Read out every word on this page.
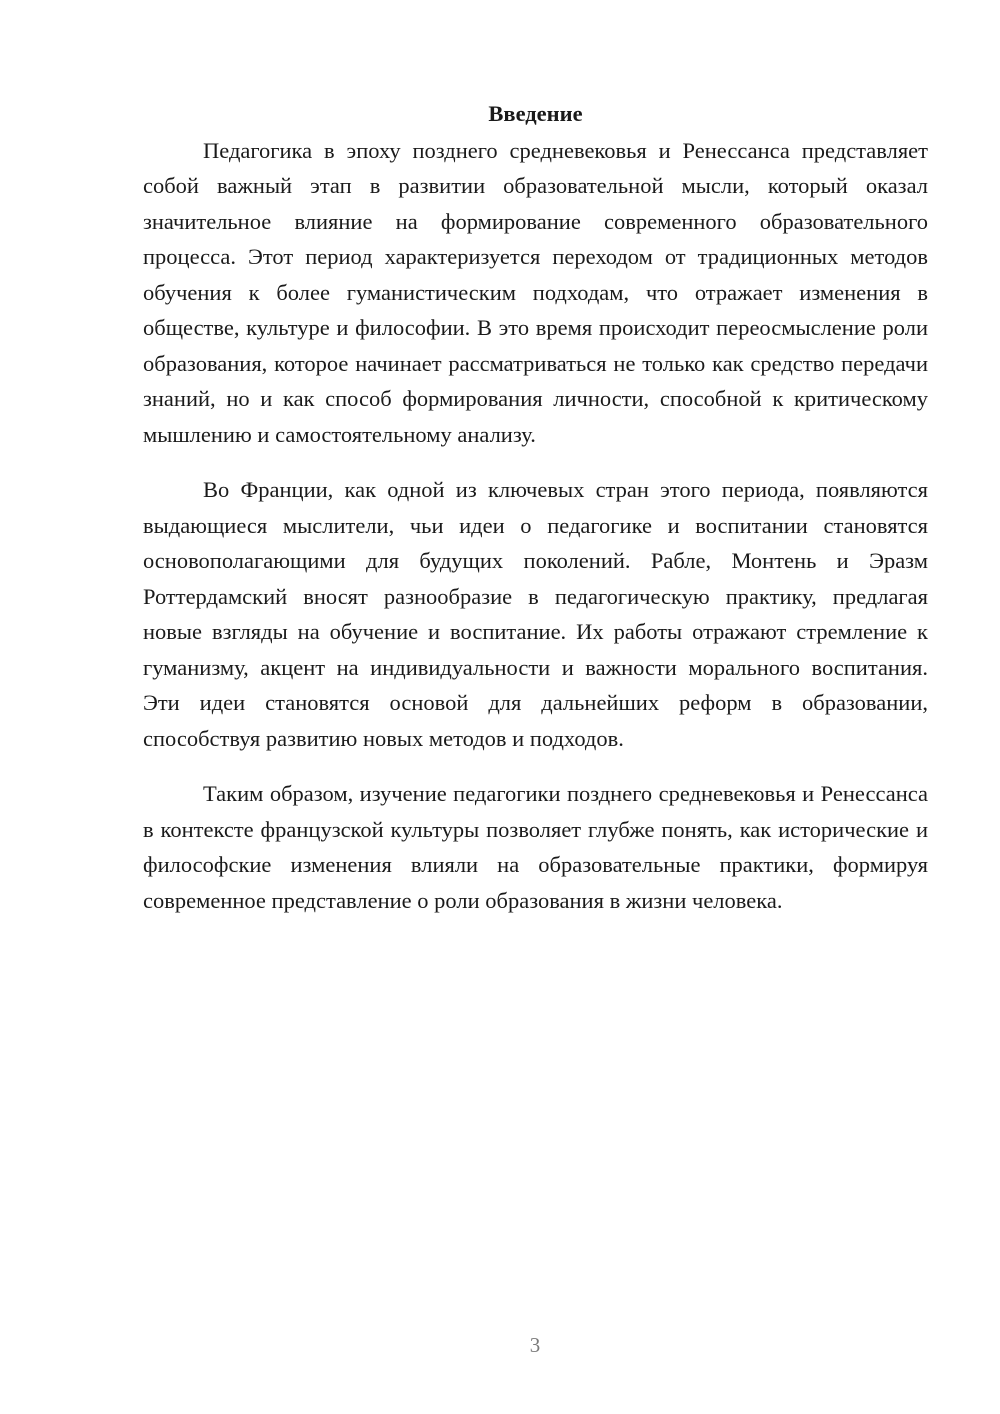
Введение

Педагогика в эпоху позднего средневековья и Ренессанса представляет собой важный этап в развитии образовательной мысли, который оказал значительное влияние на формирование современного образовательного процесса. Этот период характеризуется переходом от традиционных методов обучения к более гуманистическим подходам, что отражает изменения в обществе, культуре и философии. В это время происходит переосмысление роли образования, которое начинает рассматриваться не только как средство передачи знаний, но и как способ формирования личности, способной к критическому мышлению и самостоятельному анализу.

Во Франции, как одной из ключевых стран этого периода, появляются выдающиеся мыслители, чьи идеи о педагогике и воспитании становятся основополагающими для будущих поколений. Рабле, Монтень и Эразм Роттердамский вносят разнообразие в педагогическую практику, предлагая новые взгляды на обучение и воспитание. Их работы отражают стремление к гуманизму, акцент на индивидуальности и важности морального воспитания. Эти идеи становятся основой для дальнейших реформ в образовании, способствуя развитию новых методов и подходов.

Таким образом, изучение педагогики позднего средневековья и Ренессанса в контексте французской культуры позволяет глубже понять, как исторические и философские изменения влияли на образовательные практики, формируя современное представление о роли образования в жизни человека.

3
